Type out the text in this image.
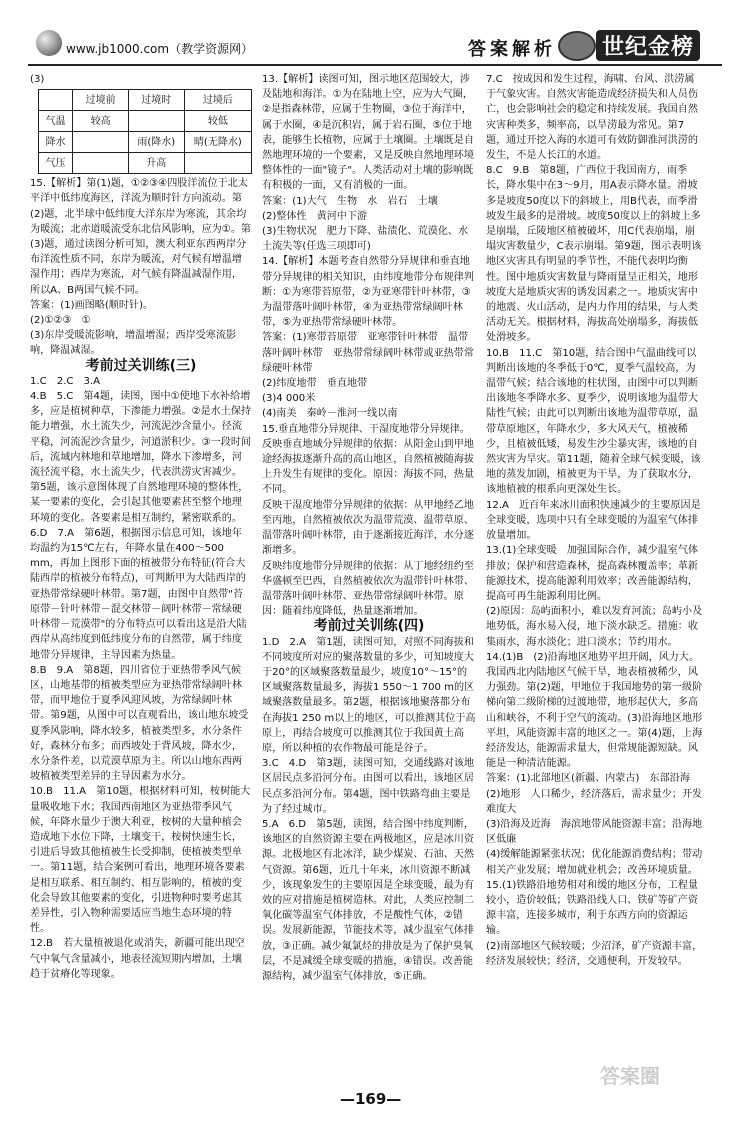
www.jb1000.com（教学资源网）	答案解析 世纪金榜

(3)

	过境前	过境时	过境后
气温	较高		较低
降水		雨(降水)	晴(无降水)
气压		升高	

15.【解析】第(1)题，①②③④四股洋流位于北太平洋中低纬度海区，洋流为顺时针方向流动。第(2)题，北半球中低纬度大洋东岸为寒流，其余均为暖流；北赤道暖流受东北信风影响，应为①。第(3)题，通过读图分析可知，澳大利亚东西两岸分布洋流性质不同，东岸为暖流，对气候有增温增湿作用；西岸为寒流，对气候有降温减湿作用，所以A、B两国气候不同。

答案：(1)画图略(顺时针)。

(2)①②③　①

(3)东岸受暖流影响，增温增湿；西岸受寒流影响，降温减湿。

考前过关训练(三)

1.C　2.C　3.A

4.B　5.C　第4题，读图，图中①使地下水补给增多，应是植树种草，下渗能力增强。②是水土保持能力增强，水土流失少，河流泥沙含量小。径流平稳，河流泥沙含量少，河道淤积少。③一段时间后，流域内林地和草地增加，降水下渗增多，河流径流平稳，水土流失少，代表洪涝灾害减少。第5题，该示意图体现了自然地理环境的整体性，某一要素的变化，会引起其他要素甚至整个地理环境的变化。各要素是相互制约，紧密联系的。

6.D　7.A　第6题，根据图示信息可知，该地年均温约为15℃左右，年降水量在400～500 mm，再加上图形下面的植被带分布特征(符合大陆西岸的植被分布特点)，可判断甲为大陆西岸的亚热带常绿硬叶林带。第7题，由图中自然带"苔原带－针叶林带－混交林带－阔叶林带－常绿硬叶林带－荒漠带"的分布特点可以看出这是沿大陆西岸从高纬度到低纬度分布的自然带，属于纬度地带分异规律，主导因素为热量。

8.B　9.A　第8题，四川省位于亚热带季风气候区，山地基带的植被类型应为亚热带常绿阔叶林带，而甲地位于夏季风迎风坡，为常绿阔叶林带。第9题，从图中可以直观看出，该山地东坡受夏季风影响，降水较多，植被类型多，水分条件好，森林分布多；而西坡处于背风坡，降水少，水分条件差，以荒漠草原为主。所以山地东西两坡植被类型差异的主导因素为水分。

10.B　11.A　第10题，根据材料可知，桉树能大量吸收地下水；我国西南地区为亚热带季风气候，年降水量少于澳大利亚，桉树的大量种植会造成地下水位下降，土壤变干，桉树快速生长，引进后导致其他植被生长受抑制，使植被类型单一。第11题，结合案例可看出，地理环境各要素是相互联系、相互制约、相互影响的，植被的变化会导致其他要素的变化，引进物种时要考虑其差异性，引入物种需要适应当地生态环境的特性。

12.B　若大量植被退化或消失，新疆可能出现空气中氧气含量减小，地表径流短期内增加，土壤趋于贫瘠化等现象。

13.【解析】读图可知，图示地区范围较大，涉及陆地和海洋。①为在陆地上空，应为大气圈，②是指森林带，应属于生物圈，③位于海洋中，属于水圈，④是沉积岩，属于岩石圈，⑤位于地表，能够生长植物，应属于土壤圈。土壤既是自然地理环境的一个要素，又是反映自然地理环境整体性的一面"镜子"。人类活动对土壤的影响既有积极的一面，又有消极的一面。

答案：(1)大气　生物　水　岩石　土壤

(2)整体性　黄河中下游

(3)生物状况　肥力下降、盐渍化、荒漠化、水土流失等(任选三项即可)

14.【解析】本题考查自然带分异规律和垂直地带分异规律的相关知识，由纬度地带分布规律判断：①为寒带苔原带，②为亚寒带针叶林带，③为温带落叶阔叶林带，④为亚热带常绿阔叶林带，⑤为亚热带常绿硬叶林带。

答案：(1)寒带苔原带　亚寒带针叶林带　温带落叶阔叶林带　亚热带常绿阔叶林带或亚热带常绿硬叶林带

(2)纬度地带　垂直地带

(3)4 000米

(4)南美　秦岭－淮河一线以南

15.垂直地带分异规律、干湿度地带分异规律。

反映垂直地域分异规律的依据：从阳金山到甲地途经海拔逐渐升高的高山地区，自然植被随海拔上升发生有规律的变化。原因：海拔不同，热量不同。

反映干湿度地带分异规律的依据：从甲地经乙地至丙地，自然植被依次为温带荒漠、温带草原、温带落叶阔叶林带，由于逐渐接近海洋，水分逐渐增多。

反映纬度地带分异规律的依据：从丁地经纽约至华盛顿至巴西，自然植被依次为温带针叶林带、温带落叶阔叶林带、亚热带常绿阔叶林带。原因：随着纬度降低，热量逐渐增加。

考前过关训练(四)

1.D　2.A　第1题，读图可知，对照不同海拔和不同坡度所对应的聚落数量的多少，可知坡度大于20°的区域聚落数量最少，坡度10°～15°的区域聚落数量最多，海拔1 550～1 700 m的区域聚落数量最多。第2题，根据该地聚落都分布在海拔1 250 m以上的地区，可以推测其位于高原上，再结合坡度可以推测其位于我国黄土高原，所以种植的农作物最可能是谷子。

3.C　4.D　第3题，读图可知，交通线路对该地区居民点多沿河分布。由图可以看出，该地区居民点多沿河分布。第4题，图中铁路弯曲主要是为了经过城市。

5.A　6.D　第5题，读图，结合图中纬度判断，该地区的自然资源主要在两极地区，应是冰川资源。北极地区有北冰洋，缺少煤炭、石油、天然气资源。第6题，近几十年来，冰川资源不断减少，该现象发生的主要原因是全球变暖，最为有效的应对措施是植树造林。对此，人类应控制二氧化碳等温室气体排放，不是酸性气体，②错误。发展新能源，节能技术等，减少温室气体排放，③正确。减少氟氯烃的排放是为了保护臭氧层，不是减缓全球变暖的措施，④错误。改善能源结构，减少温室气体排放，⑤正确。

7.C　按成因和发生过程，海啸、台风、洪涝属于气象灾害。自然灾害能造成经济损失和人员伤亡，也会影响社会的稳定和持续发展。我国自然灾害种类多，频率高，以旱涝最为常见。第7题，通过开挖入海的水道可有效防御淮河洪涝的发生，不是人长江的水道。

8.C　9.B　第8题，广西位于我国南方，雨季长，降水集中在3～9月，用A表示降水量。滑坡多是坡度50度以下的斜坡上，用B代表，而季滑坡发生最多的是滑坡。坡度50度以上的斜坡上多是崩塌，丘陵地区植被破坏，用C代表崩塌，崩塌灾害数量少，C表示崩塌。第9题，图示表明该地区灾害具有明显的季节性，不能代表明均衡性。图中地质灾害数量与降雨量呈正相关，地形坡度大是地质灾害的诱发因素之一。地质灾害中的地震、火山活动，是内力作用的结果，与人类活动无关。根据材料，海拔高处崩塌多，海拔低处滑坡多。

10.B　11.C　第10题，结合图中气温曲线可以判断出该地的冬季低于0℃，夏季气温较高，为温带气候；结合该地的柱状图，由图中可以判断出该地冬季降水多、夏季少，说明该地为温带大陆性气候；由此可以判断出该地为温带草原，温带草原地区，年降水少，多大风天气，植被稀少，且植被低矮，易发生沙尘暴灾害，该地的自然灾害为旱灾。第11题，随着全球气候变暖，该地的蒸发加剧，植被更为干旱，为了获取水分，该地植被的根系向更深处生长。

12.A　近百年来冰川面积快速减少的主要原因是全球变暖，选项中只有全球变暖的为温室气体排放量增加。

13.(1)全球变暖　加强国际合作，减少温室气体排放；保护和营造森林，提高森林覆盖率；革新能源技术，提高能源利用效率；改善能源结构，提高可再生能源利用比例。

(2)原因：岛屿面积小，难以发育河流；岛屿小及地势低，海水易入侵，地下淡水缺乏。措施：收集雨水，海水淡化；进口淡水；节约用水。

14.(1)B　(2)沿海地区地势平坦开阔，风力大。我国西北内陆地区气候干旱，地表植被稀少，风力强劲。第(2)题，甲地位于我国地势的第一级阶梯向第二级阶梯的过渡地带，地形起伏大，多高山和峡谷，不利于空气的流动。(3)沿海地区地形平坦，风能资源丰富的地区之一。第(4)题，上海经济发达，能源需求量大，但常规能源短缺。风能是一种清洁能源。

答案：(1)北部地区(新疆、内蒙古)　东部沿海

(2)地形　人口稀少，经济落后，需求量少；开发难度大

(3)沿海及近海　海滨地带风能资源丰富；沿海地区低廉

(4)缓解能源紧张状况；优化能源消费结构；带动相关产业发展；增加就业机会；改善环境质量。

15.(1)铁路沿地势相对和缓的地区分布，工程量较小，造价较低；铁路沿线人口、铁矿等矿产资源丰富，连接多城市，利于东西方向的资源运输。

(2)南部地区气候较暖；少沼泽，矿产资源丰富，经济发展较快；经济，交通便利，开发较早。

—169—
答案圈
